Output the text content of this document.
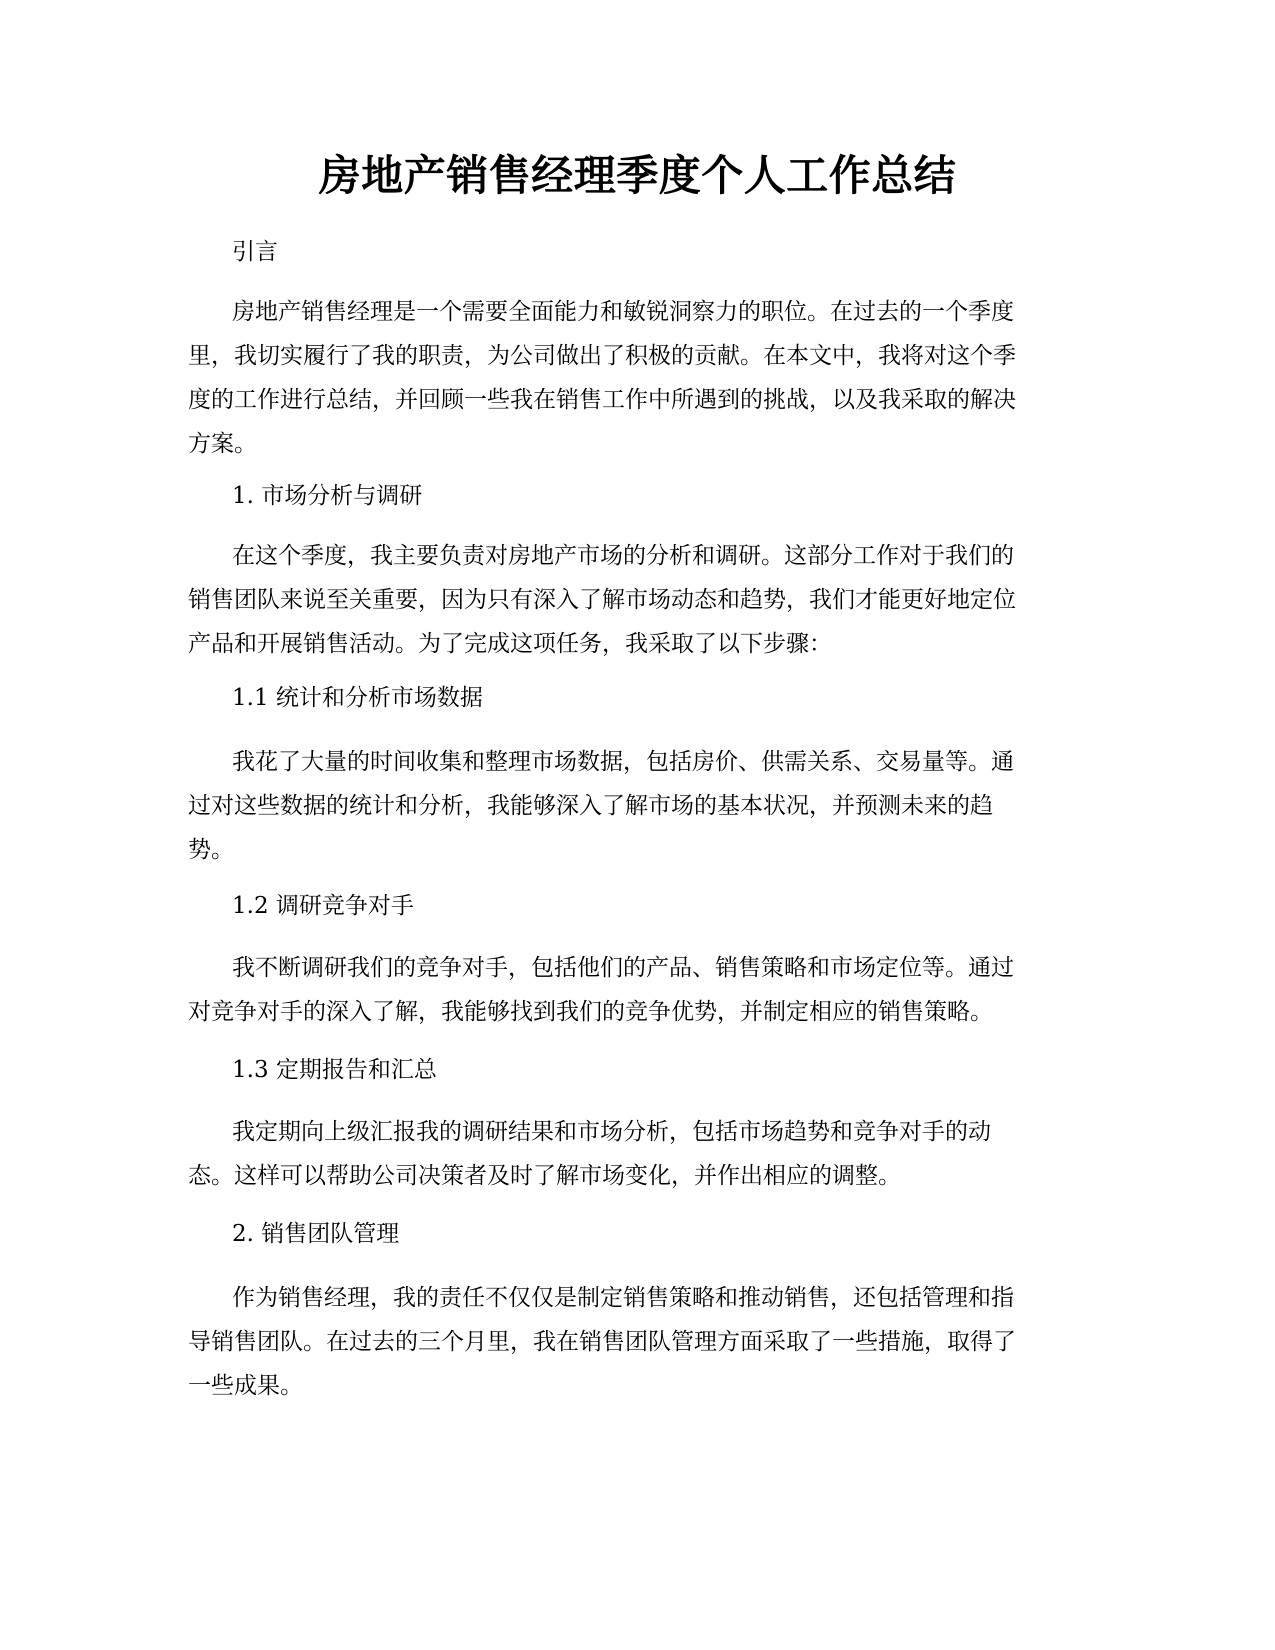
房地产销售经理季度个人工作总结

引言

房地产销售经理是一个需要全面能力和敏锐洞察力的职位。在过去的一个季度
里，我切实履行了我的职责，为公司做出了积极的贡献。在本文中，我将对这个季
度的工作进行总结，并回顾一些我在销售工作中所遇到的挑战，以及我采取的解决
方案。

1. 市场分析与调研

在这个季度，我主要负责对房地产市场的分析和调研。这部分工作对于我们的
销售团队来说至关重要，因为只有深入了解市场动态和趋势，我们才能更好地定位
产品和开展销售活动。为了完成这项任务，我采取了以下步骤：

1.1 统计和分析市场数据

我花了大量的时间收集和整理市场数据，包括房价、供需关系、交易量等。通
过对这些数据的统计和分析，我能够深入了解市场的基本状况，并预测未来的趋
势。

1.2 调研竞争对手

我不断调研我们的竞争对手，包括他们的产品、销售策略和市场定位等。通过
对竞争对手的深入了解，我能够找到我们的竞争优势，并制定相应的销售策略。

1.3 定期报告和汇总

我定期向上级汇报我的调研结果和市场分析，包括市场趋势和竞争对手的动
态。这样可以帮助公司决策者及时了解市场变化，并作出相应的调整。

2. 销售团队管理

作为销售经理，我的责任不仅仅是制定销售策略和推动销售，还包括管理和指
导销售团队。在过去的三个月里，我在销售团队管理方面采取了一些措施，取得了
一些成果。
